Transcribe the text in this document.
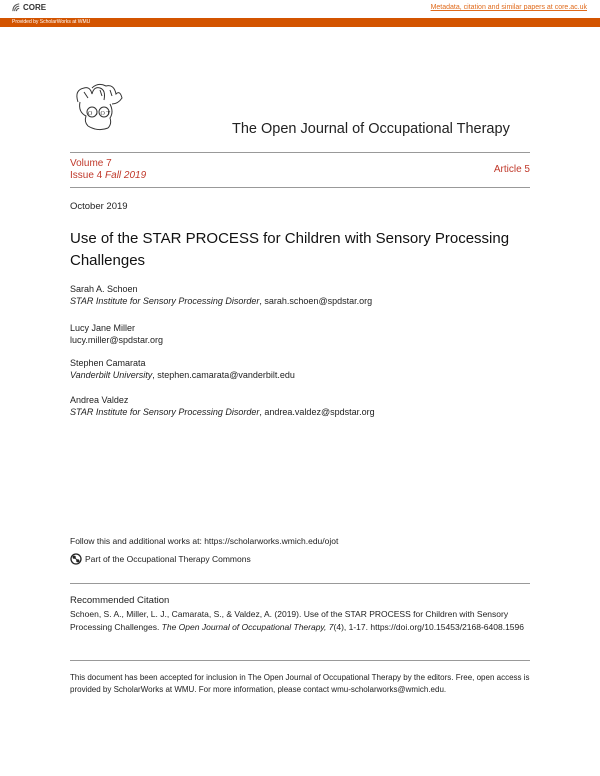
CORE	Metadata, citation and similar papers at core.ac.uk
Provided by ScholarWorks at WMU
O J O T
The Open Journal of Occupational Therapy
Volume 7
Issue 4 Fall 2019
Article 5
October 2019
Use of the STAR PROCESS for Children with Sensory Processing Challenges
Sarah A. Schoen
STAR Institute for Sensory Processing Disorder, sarah.schoen@spdstar.org
Lucy Jane Miller
lucy.miller@spdstar.org
Stephen Camarata
Vanderbilt University, stephen.camarata@vanderbilt.edu
Andrea Valdez
STAR Institute for Sensory Processing Disorder, andrea.valdez@spdstar.org
Follow this and additional works at: https://scholarworks.wmich.edu/ojot
Part of the Occupational Therapy Commons
Recommended Citation
Schoen, S. A., Miller, L. J., Camarata, S., & Valdez, A. (2019). Use of the STAR PROCESS for Children with Sensory Processing Challenges. The Open Journal of Occupational Therapy, 7(4), 1-17. https://doi.org/10.15453/2168-6408.1596
This document has been accepted for inclusion in The Open Journal of Occupational Therapy by the editors. Free, open access is provided by ScholarWorks at WMU. For more information, please contact wmu-scholarworks@wmich.edu.
